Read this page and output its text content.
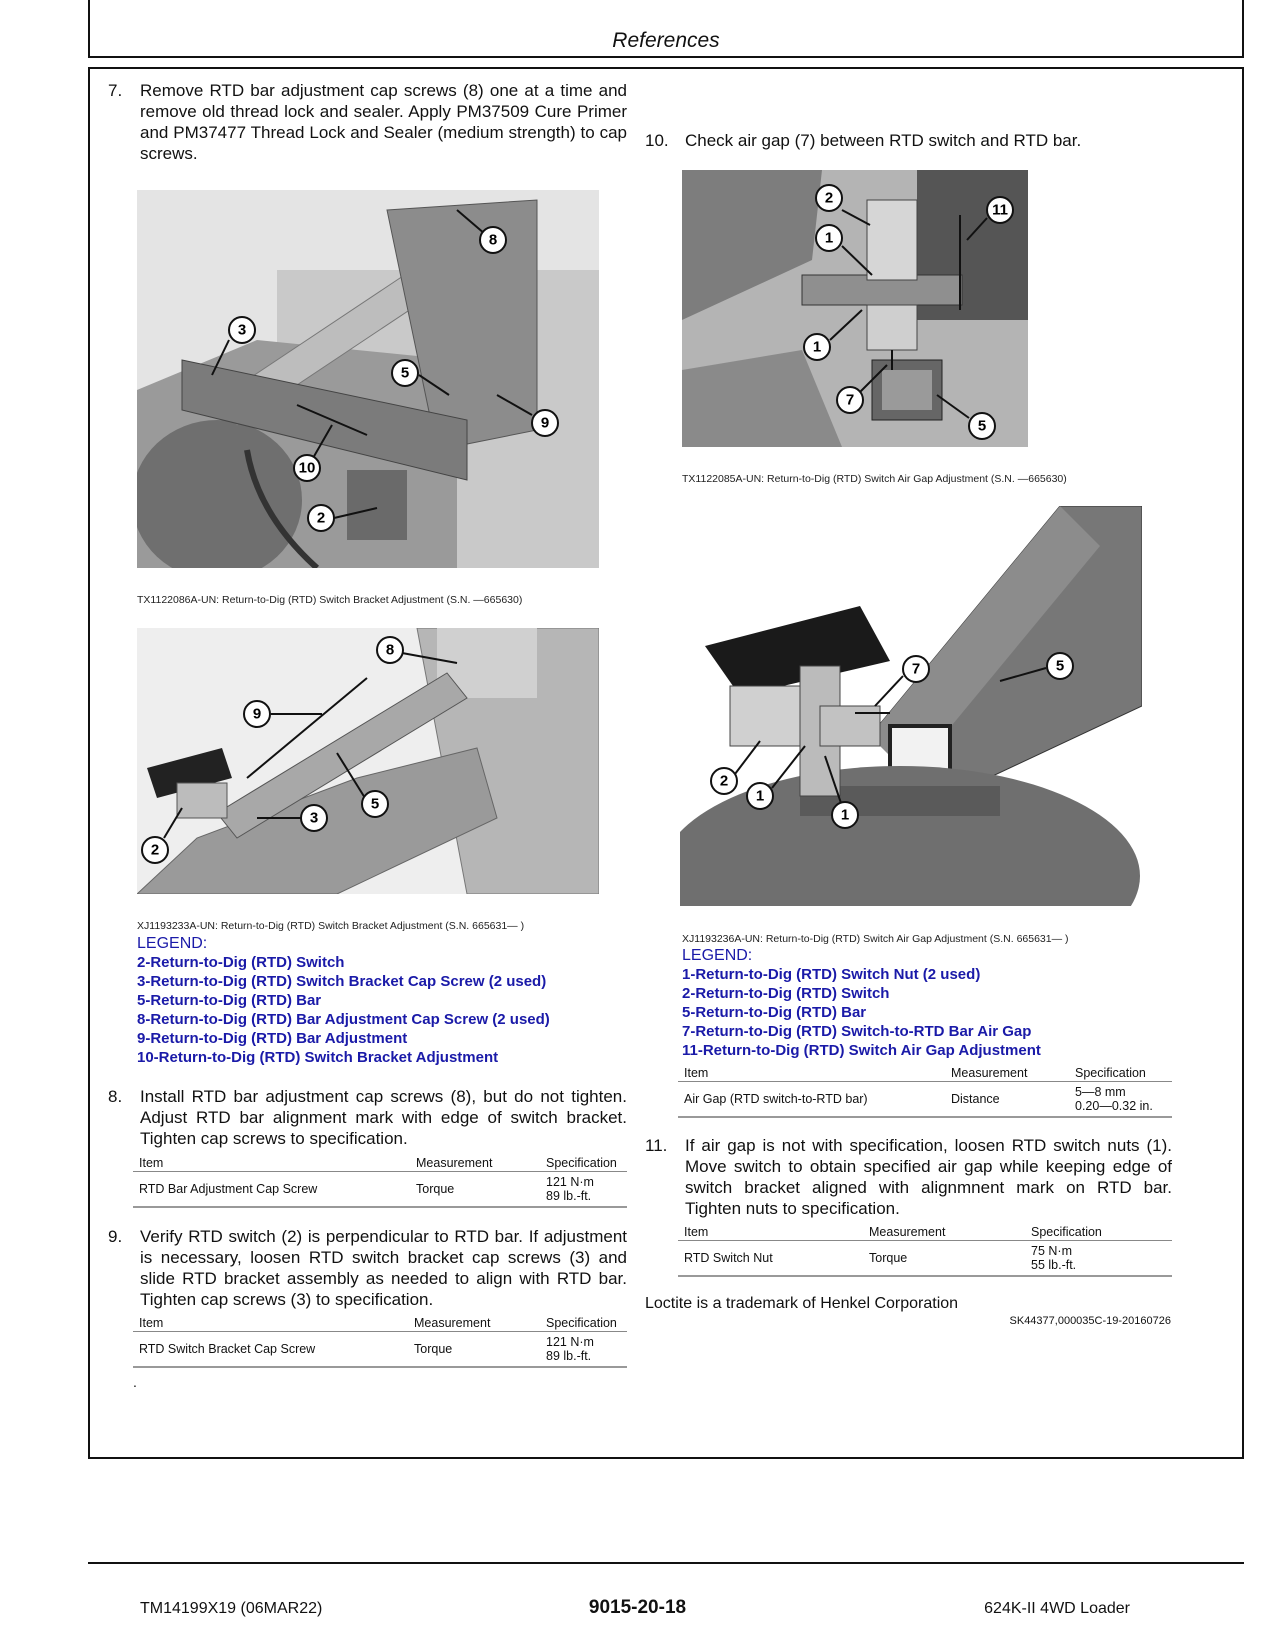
References
7. Remove RTD bar adjustment cap screws (8) one at a time and remove old thread lock and sealer. Apply PM37509 Cure Primer and PM37477 Thread Lock and Sealer (medium strength) to cap screws.
8
3
5
9
10
2
TX1122086A-UN: Return-to-Dig (RTD) Switch Bracket Adjustment (S.N. —665630)
8
9
5
3
2
XJ1193233A-UN: Return-to-Dig (RTD) Switch Bracket Adjustment (S.N. 665631— )
LEGEND:
2-Return-to-Dig (RTD) Switch
3-Return-to-Dig (RTD) Switch Bracket Cap Screw (2 used)
5-Return-to-Dig (RTD) Bar
8-Return-to-Dig (RTD) Bar Adjustment Cap Screw (2 used)
9-Return-to-Dig (RTD) Bar Adjustment
10-Return-to-Dig (RTD) Switch Bracket Adjustment
8. Install RTD bar adjustment cap screws (8), but do not tighten. Adjust RTD bar alignment mark with edge of switch bracket. Tighten cap screws to specification.
Item	Measurement	Specification
RTD Bar Adjustment Cap Screw	Torque	121 N·m
89 lb.-ft.
9. Verify RTD switch (2) is perpendicular to RTD bar. If adjustment is necessary, loosen RTD switch bracket cap screws (3) and slide RTD bracket assembly as needed to align with RTD bar. Tighten cap screws (3) to specification.
Item	Measurement	Specification
RTD Switch Bracket Cap Screw	Torque	121 N·m
89 lb.-ft.
.
10. Check air gap (7) between RTD switch and RTD bar.
2
11
1
1
7
5
TX1122085A-UN: Return-to-Dig (RTD) Switch Air Gap Adjustment (S.N. —665630)
5
7
2
1
1
XJ1193236A-UN: Return-to-Dig (RTD) Switch Air Gap Adjustment (S.N. 665631— )
LEGEND:
1-Return-to-Dig (RTD) Switch Nut (2 used)
2-Return-to-Dig (RTD) Switch
5-Return-to-Dig (RTD) Bar
7-Return-to-Dig (RTD) Switch-to-RTD Bar Air Gap
11-Return-to-Dig (RTD) Switch Air Gap Adjustment
Item	Measurement	Specification
Air Gap (RTD switch-to-RTD bar)	Distance	5—8 mm
0.20—0.32 in.
11. If air gap is not with specification, loosen RTD switch nuts (1). Move switch to obtain specified air gap while keeping edge of switch bracket aligned with alignmnent mark on RTD bar. Tighten nuts to specification.
Item	Measurement	Specification
RTD Switch Nut	Torque	75 N·m
55 lb.-ft.
Loctite is a trademark of Henkel Corporation
SK44377,000035C-19-20160726
TM14199X19 (06MAR22)	9015-20-18	624K-II 4WD Loader
